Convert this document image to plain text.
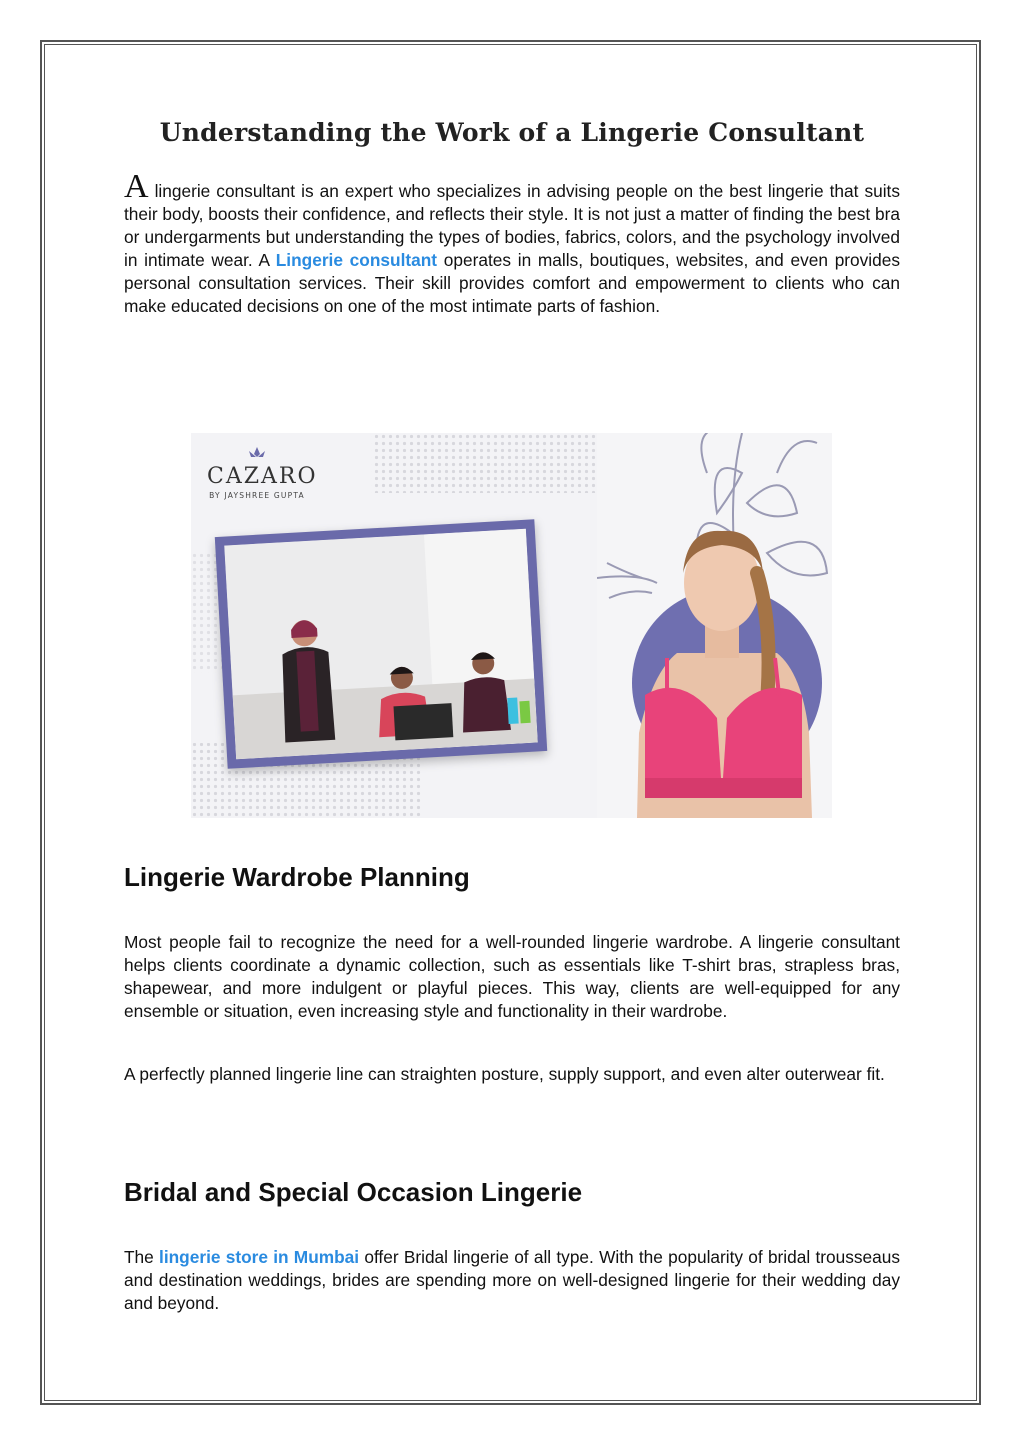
Understanding the Work of a Lingerie Consultant

A lingerie consultant is an expert who specializes in advising people on the best lingerie that suits their body, boosts their confidence, and reflects their style. It is not just a matter of finding the best bra or undergarments but understanding the types of bodies, fabrics, colors, and the psychology involved in intimate wear. A Lingerie consultant operates in malls, boutiques, websites, and even provides personal consultation services. Their skill provides comfort and empowerment to clients who can make educated decisions on one of the most intimate parts of fashion.

CAZARO
BY JAYSHREE GUPTA
Lingerie Wardrobe Planning

Most people fail to recognize the need for a well-rounded lingerie wardrobe. A lingerie consultant helps clients coordinate a dynamic collection, such as essentials like T-shirt bras, strapless bras, shapewear, and more indulgent or playful pieces. This way, clients are well-equipped for any ensemble or situation, even increasing style and functionality in their wardrobe.

A perfectly planned lingerie line can straighten posture, supply support, and even alter outerwear fit.

Bridal and Special Occasion Lingerie

The lingerie store in Mumbai offer Bridal lingerie of all type. With the popularity of bridal trousseaus and destination weddings, brides are spending more on well-designed lingerie for their wedding day and beyond.
